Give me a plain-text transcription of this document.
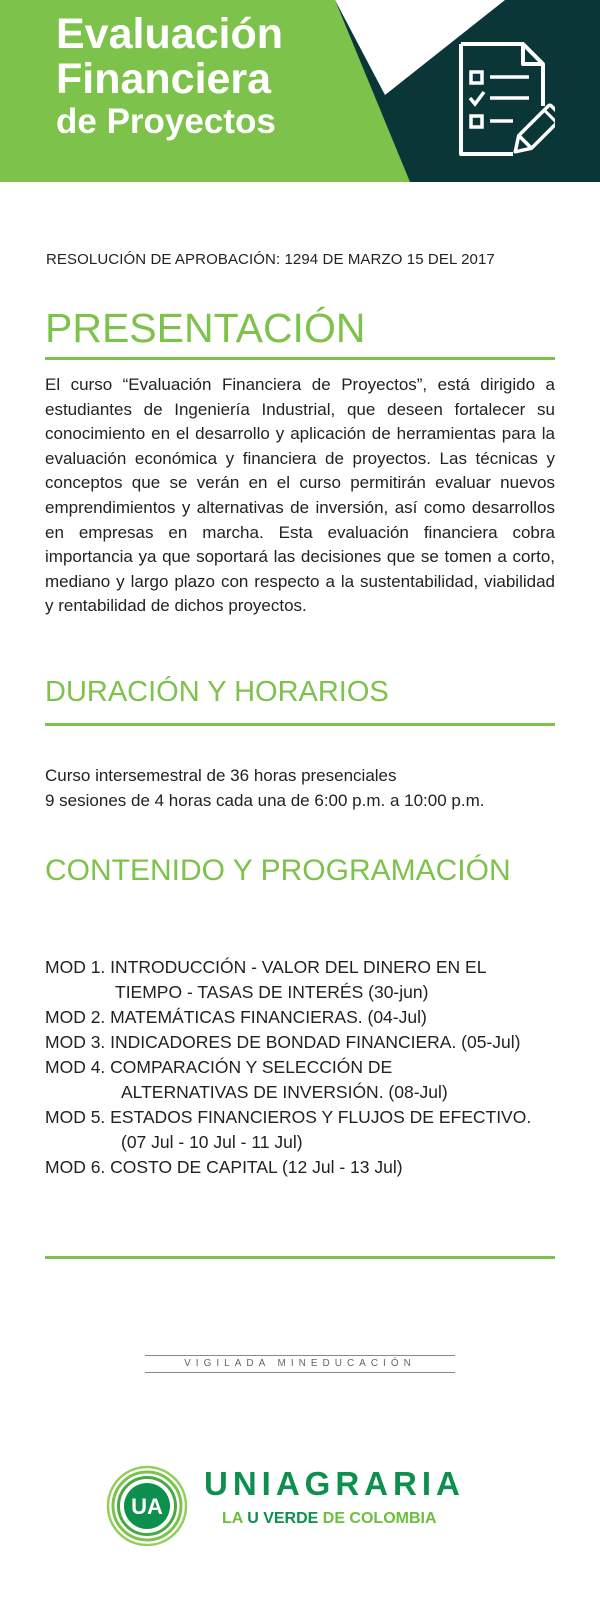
Evaluación
Financiera
de Proyectos
RESOLUCIÓN DE APROBACIÓN: 1294 DE MARZO 15 DEL 2017
PRESENTACIÓN

El curso “Evaluación Financiera de Proyectos”, está dirigido a estudiantes de Ingeniería Industrial, que deseen fortalecer su conocimiento en el desarrollo y aplicación de herramientas para la evaluación económica y financiera de proyectos. Las técnicas y conceptos que se verán en el curso permitirán evaluar nuevos emprendimientos y alternativas de inversión, así como desarrollos en empresas en marcha. Esta evaluación financiera cobra importancia ya que soportará las decisiones que se tomen a corto, mediano y largo plazo con respecto a la sustentabilidad, viabilidad y rentabilidad de dichos proyectos.

DURACIÓN Y HORARIOS
Curso intersemestral de 36 horas presenciales
9 sesiones de 4 horas cada una de 6:00 p.m. a 10:00 p.m.
CONTENIDO Y PROGRAMACIÓN
MOD 1. INTRODUCCIÓN - VALOR DEL DINERO EN EL
TIEMPO - TASAS DE INTERÉS (30-jun)
MOD 2. MATEMÁTICAS FINANCIERAS. (04-Jul)
MOD 3. INDICADORES DE BONDAD FINANCIERA. (05-Jul)
MOD 4. COMPARACIÓN Y SELECCIÓN DE
ALTERNATIVAS DE INVERSIÓN. (08-Jul)
MOD 5. ESTADOS FINANCIEROS Y FLUJOS DE EFECTIVO.
(07 Jul - 10 Jul - 11 Jul)
MOD 6. COSTO DE CAPITAL (12 Jul - 13 Jul)
VIGILADA MINEDUCACIÓN
UA
UNIAGRARIA
LA U VERDE DE COLOMBIA
